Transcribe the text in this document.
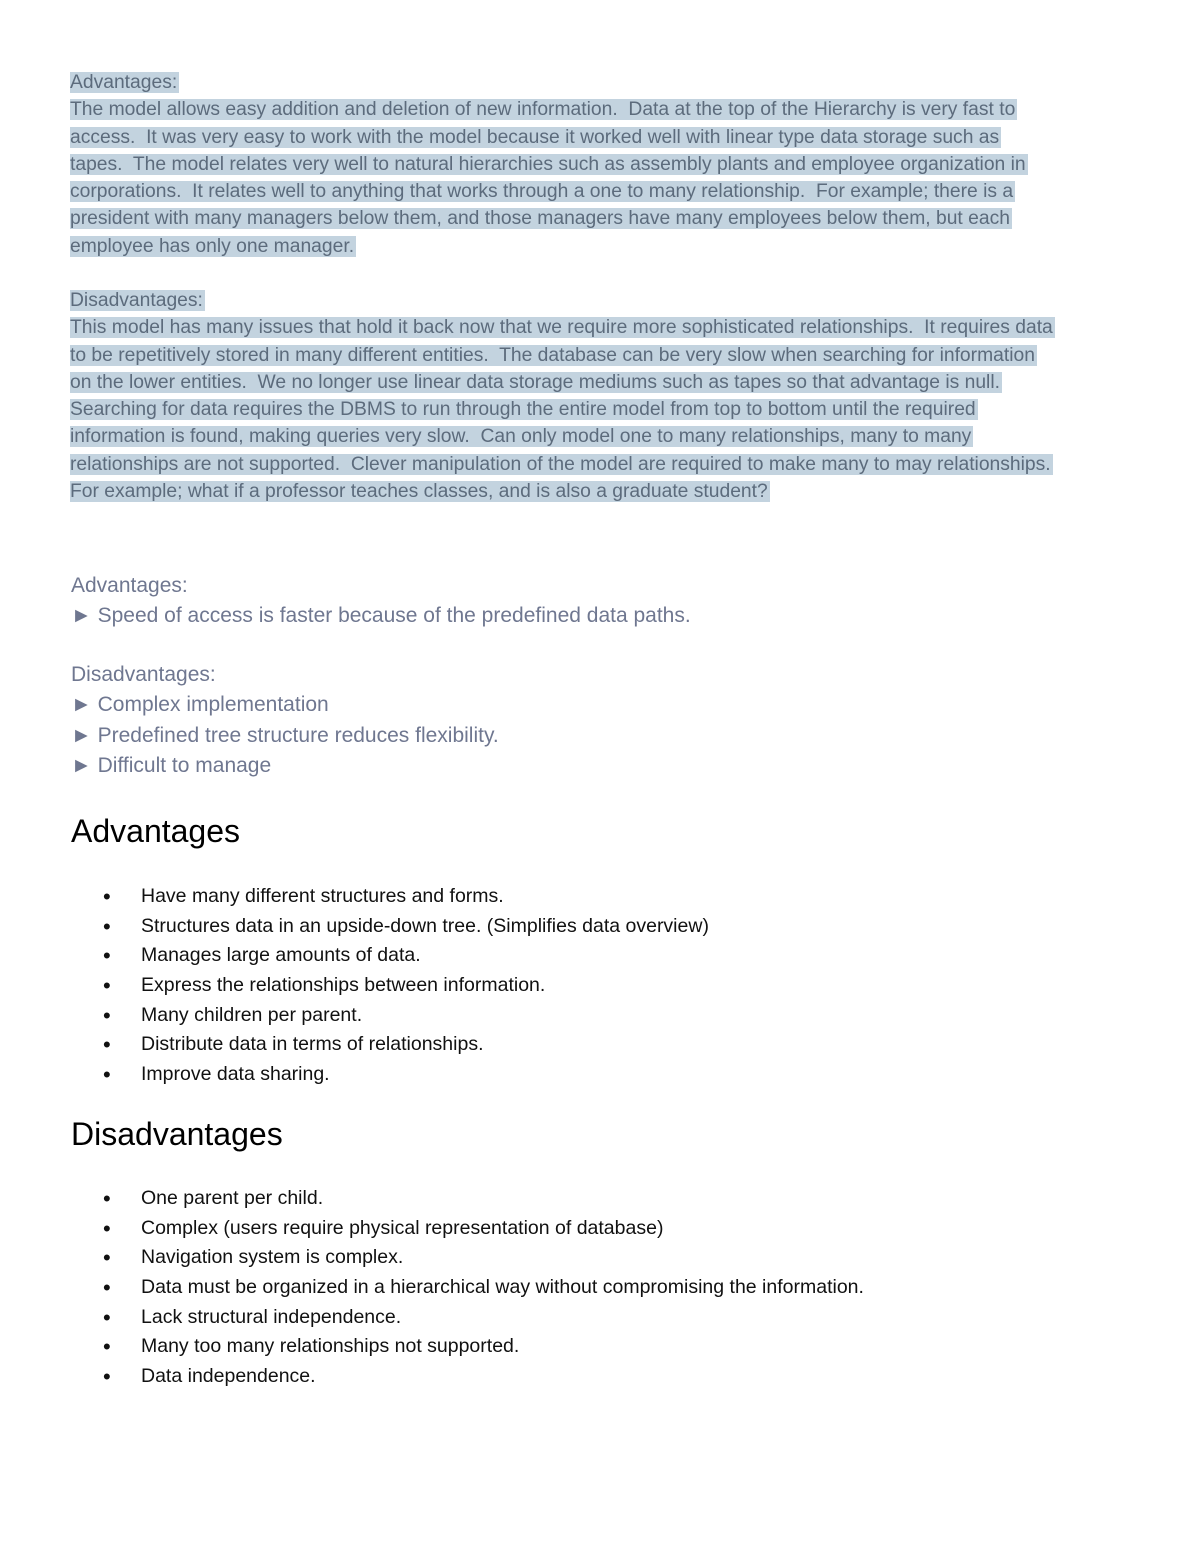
Advantages:
The model allows easy addition and deletion of new information.  Data at the top of the Hierarchy is very fast to
access.  It was very easy to work with the model because it worked well with linear type data storage such as
tapes.  The model relates very well to natural hierarchies such as assembly plants and employee organization in
corporations.  It relates well to anything that works through a one to many relationship.  For example; there is a
president with many managers below them, and those managers have many employees below them, but each
employee has only one manager.
Disadvantages:
This model has many issues that hold it back now that we require more sophisticated relationships.  It requires data
to be repetitively stored in many different entities.  The database can be very slow when searching for information
on the lower entities.  We no longer use linear data storage mediums such as tapes so that advantage is null.
Searching for data requires the DBMS to run through the entire model from top to bottom until the required
information is found, making queries very slow.  Can only model one to many relationships, many to many
relationships are not supported.  Clever manipulation of the model are required to make many to may relationships.
For example; what if a professor teaches classes, and is also a graduate student?
Advantages:
► Speed of access is faster because of the predefined data paths.
Disadvantages:
► Complex implementation
► Predefined tree structure reduces flexibility.
► Difficult to manage
Advantages
• Have many different structures and forms.
• Structures data in an upside-down tree. (Simplifies data overview)
• Manages large amounts of data.
• Express the relationships between information.
• Many children per parent.
• Distribute data in terms of relationships.
• Improve data sharing.
Disadvantages
• One parent per child.
• Complex (users require physical representation of database)
• Navigation system is complex.
• Data must be organized in a hierarchical way without compromising the information.
• Lack structural independence.
• Many too many relationships not supported.
• Data independence.
